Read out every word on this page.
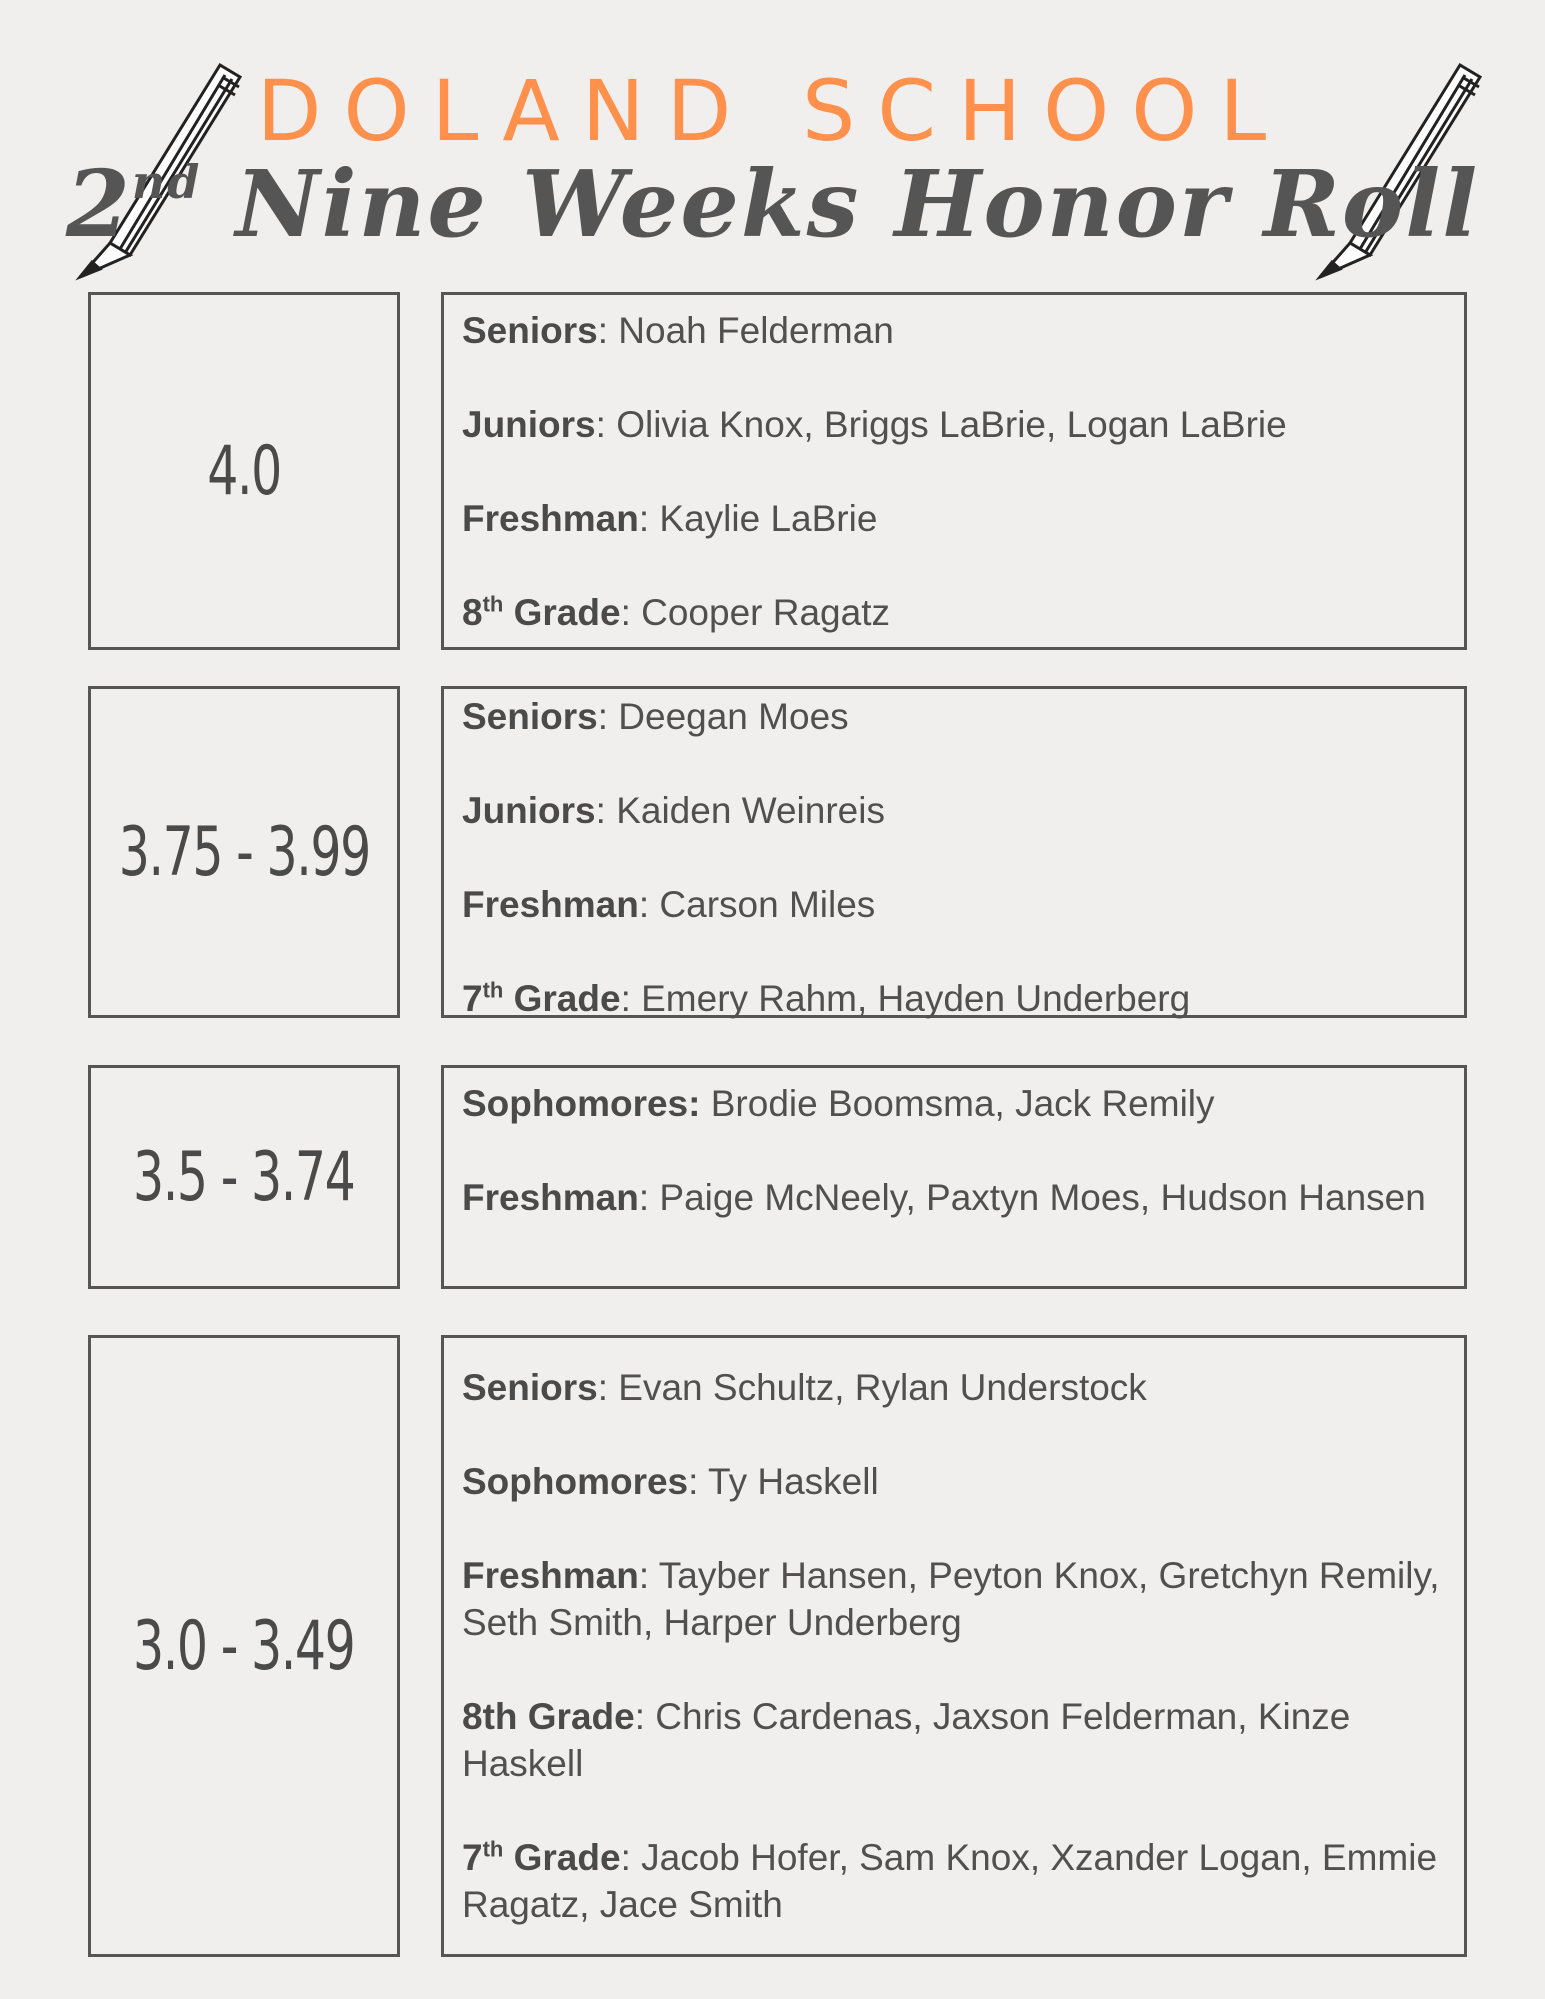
DOLAND SCHOOL
2nd Nine Weeks Honor Roll
4.0
Seniors: Noah Felderman
Juniors: Olivia Knox, Briggs LaBrie, Logan LaBrie
Freshman: Kaylie LaBrie
8th Grade: Cooper Ragatz
3.75 - 3.99
Seniors: Deegan Moes
Juniors: Kaiden Weinreis
Freshman: Carson Miles
7th Grade: Emery Rahm, Hayden Underberg
3.5 - 3.74
Sophomores: Brodie Boomsma, Jack Remily
Freshman: Paige McNeely, Paxtyn Moes, Hudson Hansen
3.0 - 3.49
Seniors: Evan Schultz, Rylan Understock
Sophomores: Ty Haskell
Freshman: Tayber Hansen, Peyton Knox, Gretchyn Remily, Seth Smith, Harper Underberg
8th Grade: Chris Cardenas, Jaxson Felderman, Kinze Haskell
7th Grade: Jacob Hofer, Sam Knox, Xzander Logan, Emmie Ragatz, Jace Smith
